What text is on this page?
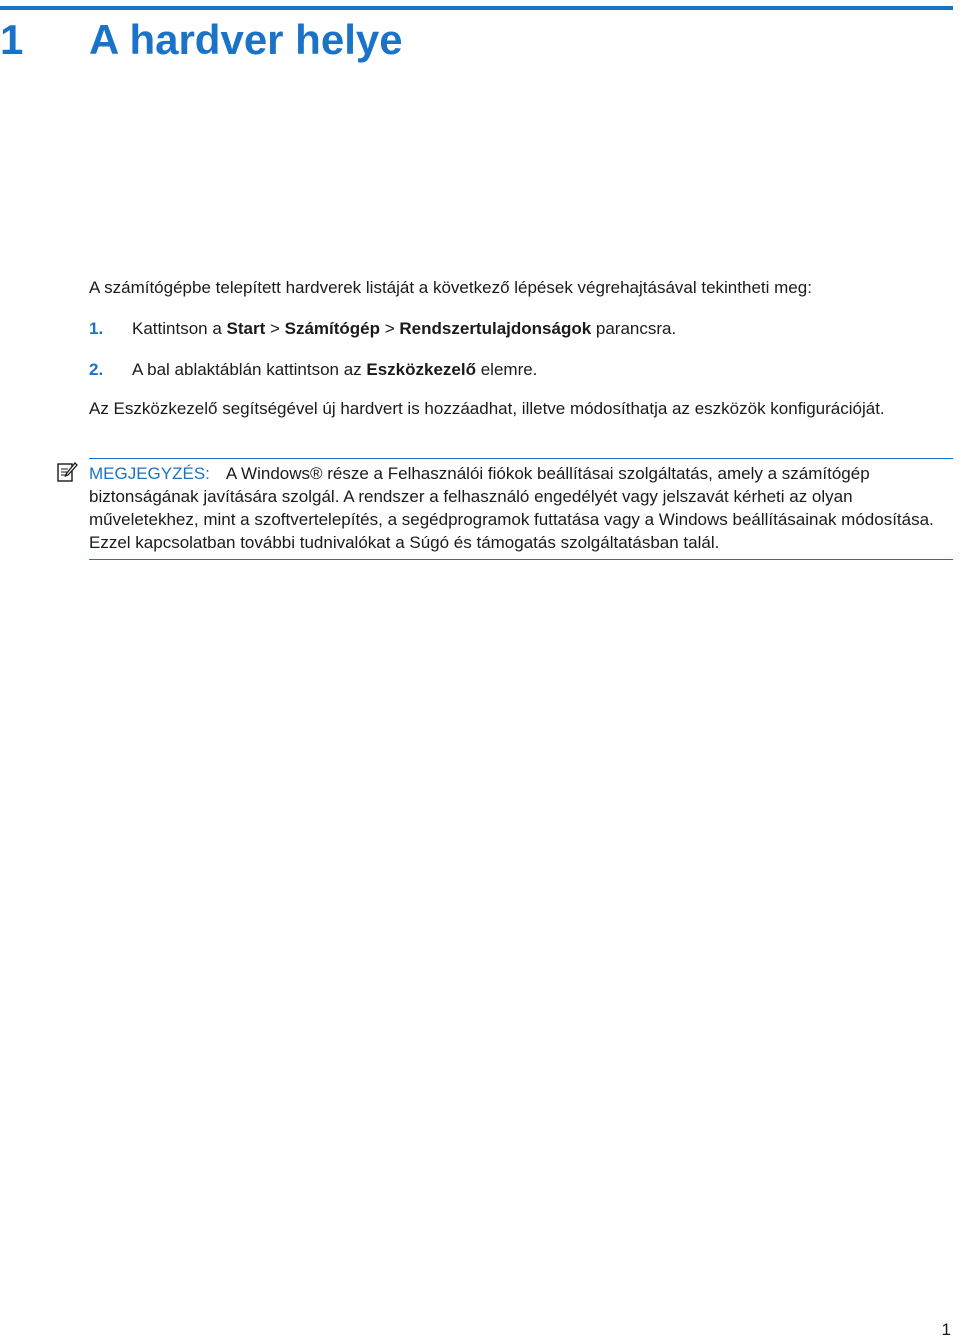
1 A hardver helye

A számítógépbe telepített hardverek listáját a következő lépések végrehajtásával tekintheti meg:

1. Kattintson a Start > Számítógép > Rendszertulajdonságok parancsra.
2. A bal ablaktáblán kattintson az Eszközkezelő elemre.

Az Eszközkezelő segítségével új hardvert is hozzáadhat, illetve módosíthatja az eszközök konfigurációját.

MEGJEGYZÉS: A Windows® része a Felhasználói fiókok beállításai szolgáltatás, amely a számítógép biztonságának javítására szolgál. A rendszer a felhasználó engedélyét vagy jelszavát kérheti az olyan műveletekhez, mint a szoftvertelepítés, a segédprogramok futtatása vagy a Windows beállításainak módosítása. Ezzel kapcsolatban további tudnivalókat a Súgó és támogatás szolgáltatásban talál.
1
